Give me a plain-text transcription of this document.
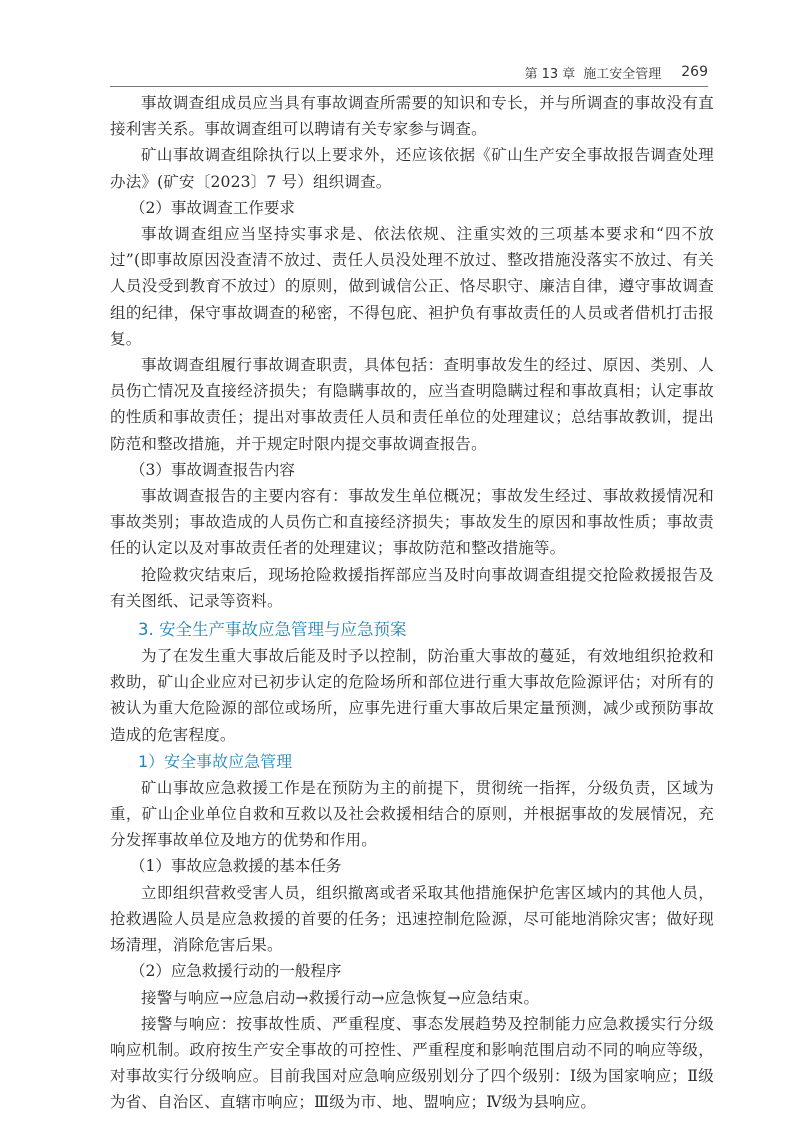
第 13 章 施工安全管理 269

事故调查组成员应当具有事故调查所需要的知识和专长，并与所调查的事故没有直接利害关系。事故调查组可以聘请有关专家参与调查。

矿山事故调查组除执行以上要求外，还应该依据《矿山生产安全事故报告调查处理办法》(矿安〔2023〕7 号）组织调查。

（2）事故调查工作要求

事故调查组应当坚持实事求是、依法依规、注重实效的三项基本要求和“四不放过”(即事故原因没查清不放过、责任人员没处理不放过、整改措施没落实不放过、有关人员没受到教育不放过）的原则，做到诚信公正、恪尽职守、廉洁自律，遵守事故调查组的纪律，保守事故调查的秘密，不得包庇、袒护负有事故责任的人员或者借机打击报复。

事故调查组履行事故调查职责，具体包括：查明事故发生的经过、原因、类别、人员伤亡情况及直接经济损失；有隐瞒事故的，应当查明隐瞒过程和事故真相；认定事故的性质和事故责任；提出对事故责任人员和责任单位的处理建议；总结事故教训，提出防范和整改措施，并于规定时限内提交事故调查报告。

（3）事故调查报告内容

事故调查报告的主要内容有：事故发生单位概况；事故发生经过、事故救援情况和事故类别；事故造成的人员伤亡和直接经济损失；事故发生的原因和事故性质；事故责任的认定以及对事故责任者的处理建议；事故防范和整改措施等。

抢险救灾结束后，现场抢险救援指挥部应当及时向事故调查组提交抢险救援报告及有关图纸、记录等资料。

3. 安全生产事故应急管理与应急预案

为了在发生重大事故后能及时予以控制，防治重大事故的蔓延，有效地组织抢救和救助，矿山企业应对已初步认定的危险场所和部位进行重大事故危险源评估；对所有的被认为重大危险源的部位或场所，应事先进行重大事故后果定量预测，减少或预防事故造成的危害程度。

1）安全事故应急管理

矿山事故应急救援工作是在预防为主的前提下，贯彻统一指挥，分级负责，区域为重，矿山企业单位自救和互救以及社会救援相结合的原则，并根据事故的发展情况，充分发挥事故单位及地方的优势和作用。

（1）事故应急救援的基本任务

立即组织营救受害人员，组织撤离或者采取其他措施保护危害区域内的其他人员，抢救遇险人员是应急救援的首要的任务；迅速控制危险源，尽可能地消除灾害；做好现场清理，消除危害后果。

（2）应急救援行动的一般程序

接警与响应→应急启动→救援行动→应急恢复→应急结束。

接警与响应：按事故性质、严重程度、事态发展趋势及控制能力应急救援实行分级响应机制。政府按生产安全事故的可控性、严重程度和影响范围启动不同的响应等级，对事故实行分级响应。目前我国对应急响应级别划分了四个级别：Ⅰ级为国家响应；Ⅱ级为省、自治区、直辖市响应；Ⅲ级为市、地、盟响应；Ⅳ级为县响应。
